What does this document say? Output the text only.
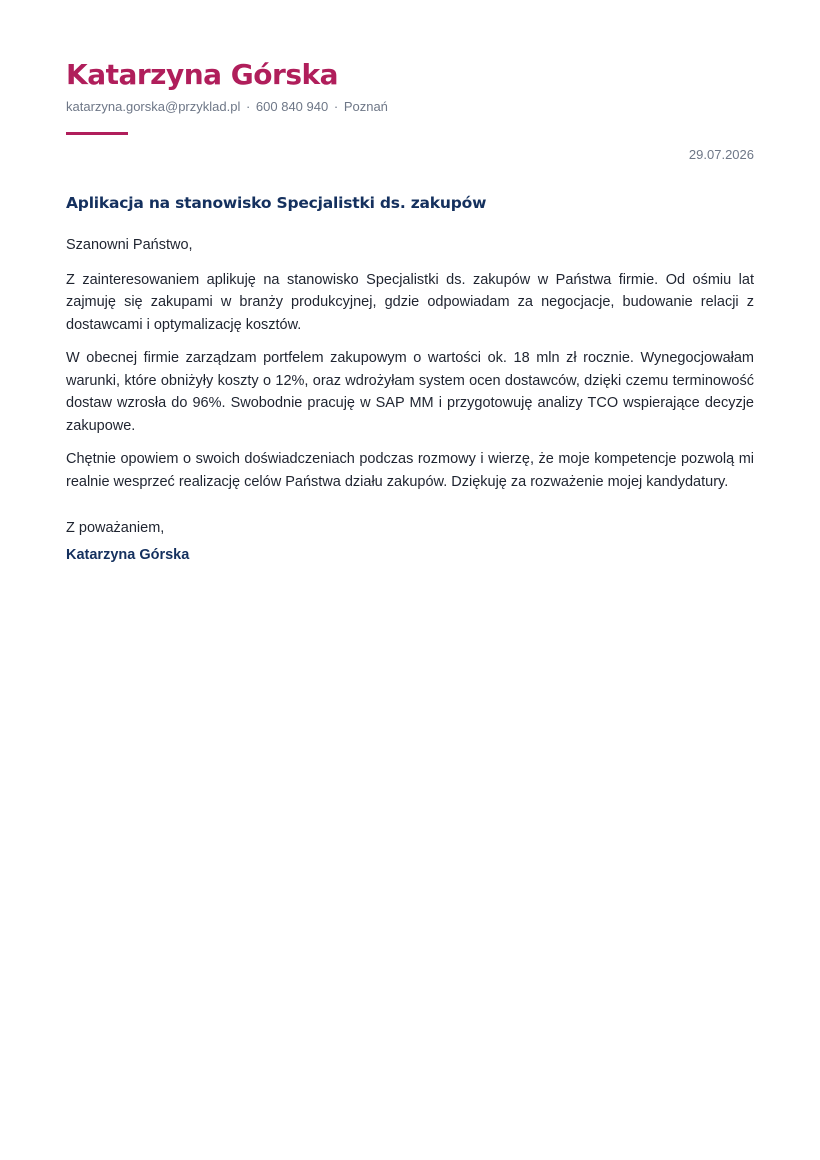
Katarzyna Górska
katarzyna.gorska@przyklad.pl · 600 840 940 · Poznań
29.07.2026
Aplikacja na stanowisko Specjalistki ds. zakupów

Szanowni Państwo,

Z zainteresowaniem aplikuję na stanowisko Specjalistki ds. zakupów w Państwa firmie. Od ośmiu lat zajmuję się zakupami w branży produkcyjnej, gdzie odpowiadam za negocjacje, budowanie relacji z dostawcami i optymalizację kosztów.

W obecnej firmie zarządzam portfelem zakupowym o wartości ok. 18 mln zł rocznie. Wynegocjowałam warunki, które obniżyły koszty o 12%, oraz wdrożyłam system ocen dostawców, dzięki czemu terminowość dostaw wzrosła do 96%. Swobodnie pracuję w SAP MM i przygotowuję analizy TCO wspierające decyzje zakupowe.

Chętnie opowiem o swoich doświadczeniach podczas rozmowy i wierzę, że moje kompetencje pozwolą mi realnie wesprzeć realizację celów Państwa działu zakupów. Dziękuję za rozważenie mojej kandydatury.

Z poważaniem,

Katarzyna Górska
